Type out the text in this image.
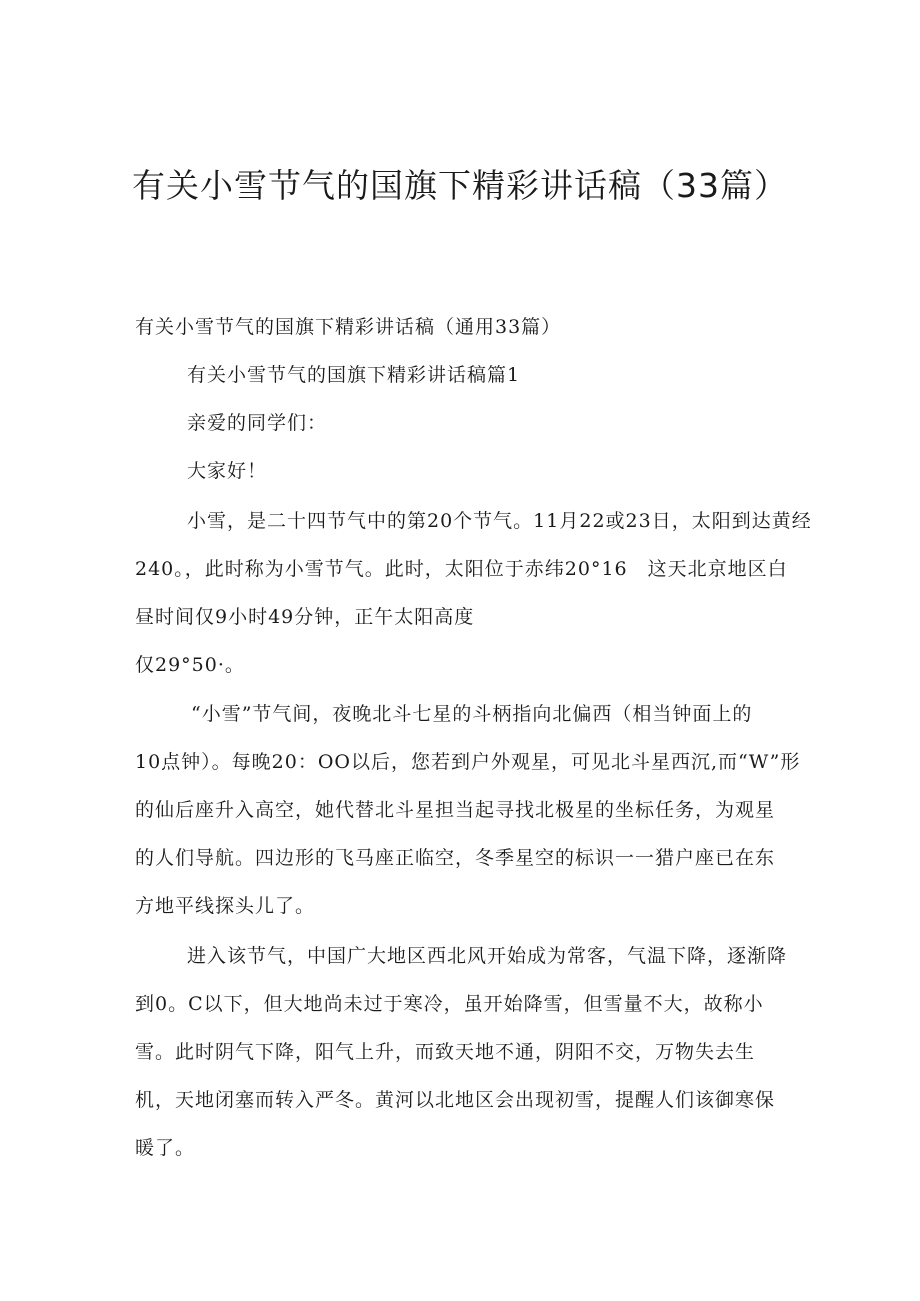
有关小雪节气的国旗下精彩讲话稿（33篇）

有关小雪节气的国旗下精彩讲话稿（通用33篇）

有关小雪节气的国旗下精彩讲话稿篇1

亲爱的同学们：

大家好！

小雪，是二十四节气中的第20个节气。11月22或23日，太阳到达黄经
240。，此时称为小雪节气。此时，太阳位于赤纬20°16　这天北京地区白
昼时间仅9小时49分钟，正午太阳高度
仅29°50·。
“小雪”节气间，夜晚北斗七星的斗柄指向北偏西（相当钟面上的
10点钟）。每晚20：OO以后，您若到户外观星，可见北斗星西沉,而“W”形
的仙后座升入高空，她代替北斗星担当起寻找北极星的坐标任务，为观星
的人们导航。四边形的飞马座正临空，冬季星空的标识一一猎户座已在东
方地平线探头儿了。
进入该节气，中国广大地区西北风开始成为常客，气温下降，逐渐降
到0。C以下，但大地尚未过于寒冷，虽开始降雪，但雪量不大，故称小
雪。此时阴气下降，阳气上升，而致天地不通，阴阳不交，万物失去生
机，天地闭塞而转入严冬。黄河以北地区会出现初雪，提醒人们该御寒保
暖了。
